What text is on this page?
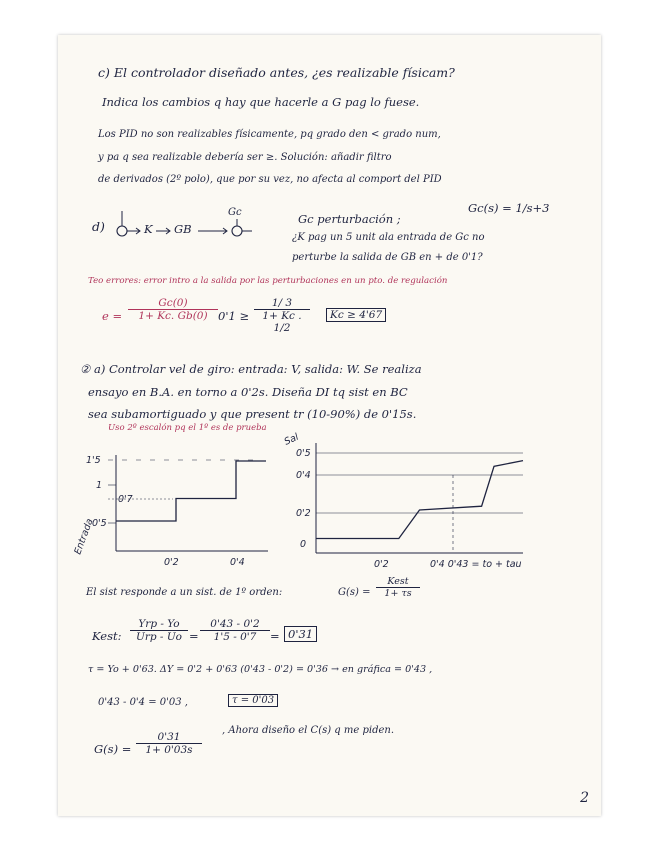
c) El controlador diseñado antes, ¿es realizable físicam?
Indica los cambios q hay que hacerle a G pag lo fuese.
Los PID no son realizables físicamente, pq grado den < grado num,
y pa q sea realizable debería ser ≥. Solución: añadir filtro
de derivados (2º polo), que por su vez, no afecta al comport del PID
d)	K GB
Gc	Gc perturbación ;
Gc(s) = 1/s+3
¿K pag un 5 unit ala entrada de Gc no
perturbe la salida de GB en + de 0'1?
Teo errores: error intro a la salida por las perturbaciones en un pto. de regulación
$e = \frac{Gc(0)}{1+ Kc. Gb(0)} 0'1 \ge \frac{1/ 3}{1+ Kc . 1/2}$	Kc ≥ 4'67
② a) Controlar vel de giro: entrada: V, salida: W. Se realiza
ensayo en B.A. en torno a 0'2s. Diseña DI tq sist en BC
sea subamortiguado y que present tr (10-90%) de 0'15s.
Uso 2º escalón pq el 1º es de prueba
1'5
1
0'7
0'5
0'2	0'4
Entrada
0'5
0'4
0'2
0
0'2	0'4 0'43 = to + tau
Sal
El sist responde a un sist. de 1º orden:	G(s) =
Kest
1+ τs
Kest:
Yrp - Yo
Urp - $Uo = \frac{0'43 - 0'2}{1'5 - 0'7} = 0'31$
τ = Yo + 0'63. ΔY = 0'2 + 0'63 (0'43 - 0'2) = 0'36 → en gráfica = 0'43 ,
0'43 - 0'4 = 0'03 ,	τ = 0'03
$G(s) = \frac{0'31}{1+ 0'03s}$
, Ahora diseño el C(s) q me piden.
2
